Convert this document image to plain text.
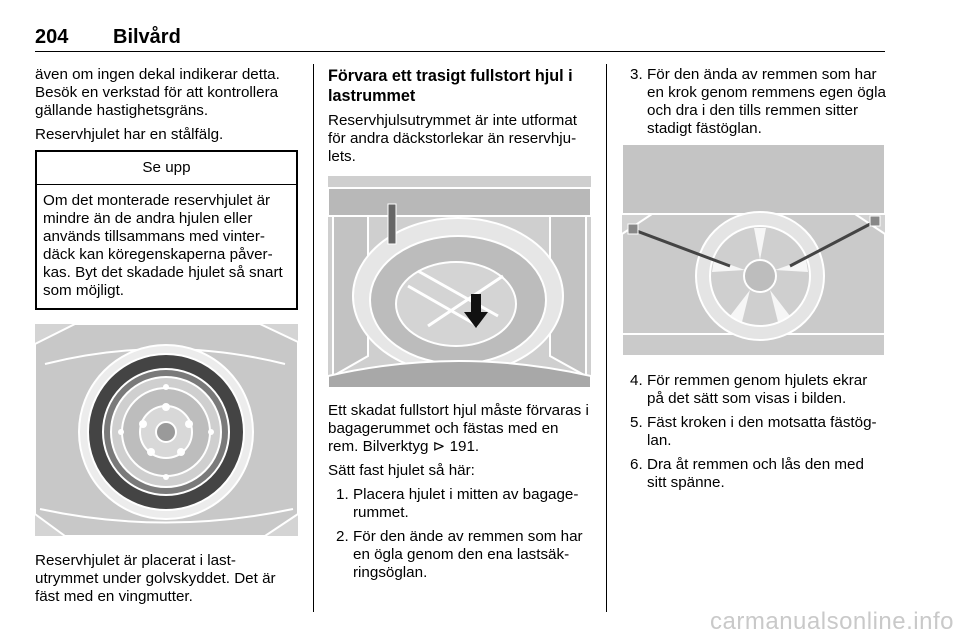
204 Bilvård

även om ingen dekal indikerar detta. Besök en verkstad för att kontrollera gällande hastighetsgräns.

Reservhjulet har en stålfälg.

Se upp
Om det monterade reservhjulet är mindre än de andra hjulen eller används tillsammans med vinter-däck kan köregenskaperna påver-kas. Byt det skadade hjulet så snart som möjligt.

Reservhjulet är placerat i last-utrymmet under golvskyddet. Det är fäst med en vingmutter.

Förvara ett trasigt fullstort hjul i lastrummet

Reservhjulsutrymmet är inte utformat för andra däckstorlekar än reservhju-lets.

Ett skadat fullstort hjul måste förvaras i bagagerummet och fästas med en rem. Bilverktyg ⊳ 191.

Sätt fast hjulet så här:

1. Placera hjulet i mitten av bagage-rummet.
2. För den ände av remmen som har en ögla genom den ena lastsäk-ringsöglan.
3. För den ända av remmen som har en krok genom remmens egen ögla och dra i den tills remmen sitter stadigt fästöglan.
4. För remmen genom hjulets ekrar på det sätt som visas i bilden.
5. Fäst kroken i den motsatta fästög-lan.
6. Dra åt remmen och lås den med sitt spänne.
carmanualsonline.info
